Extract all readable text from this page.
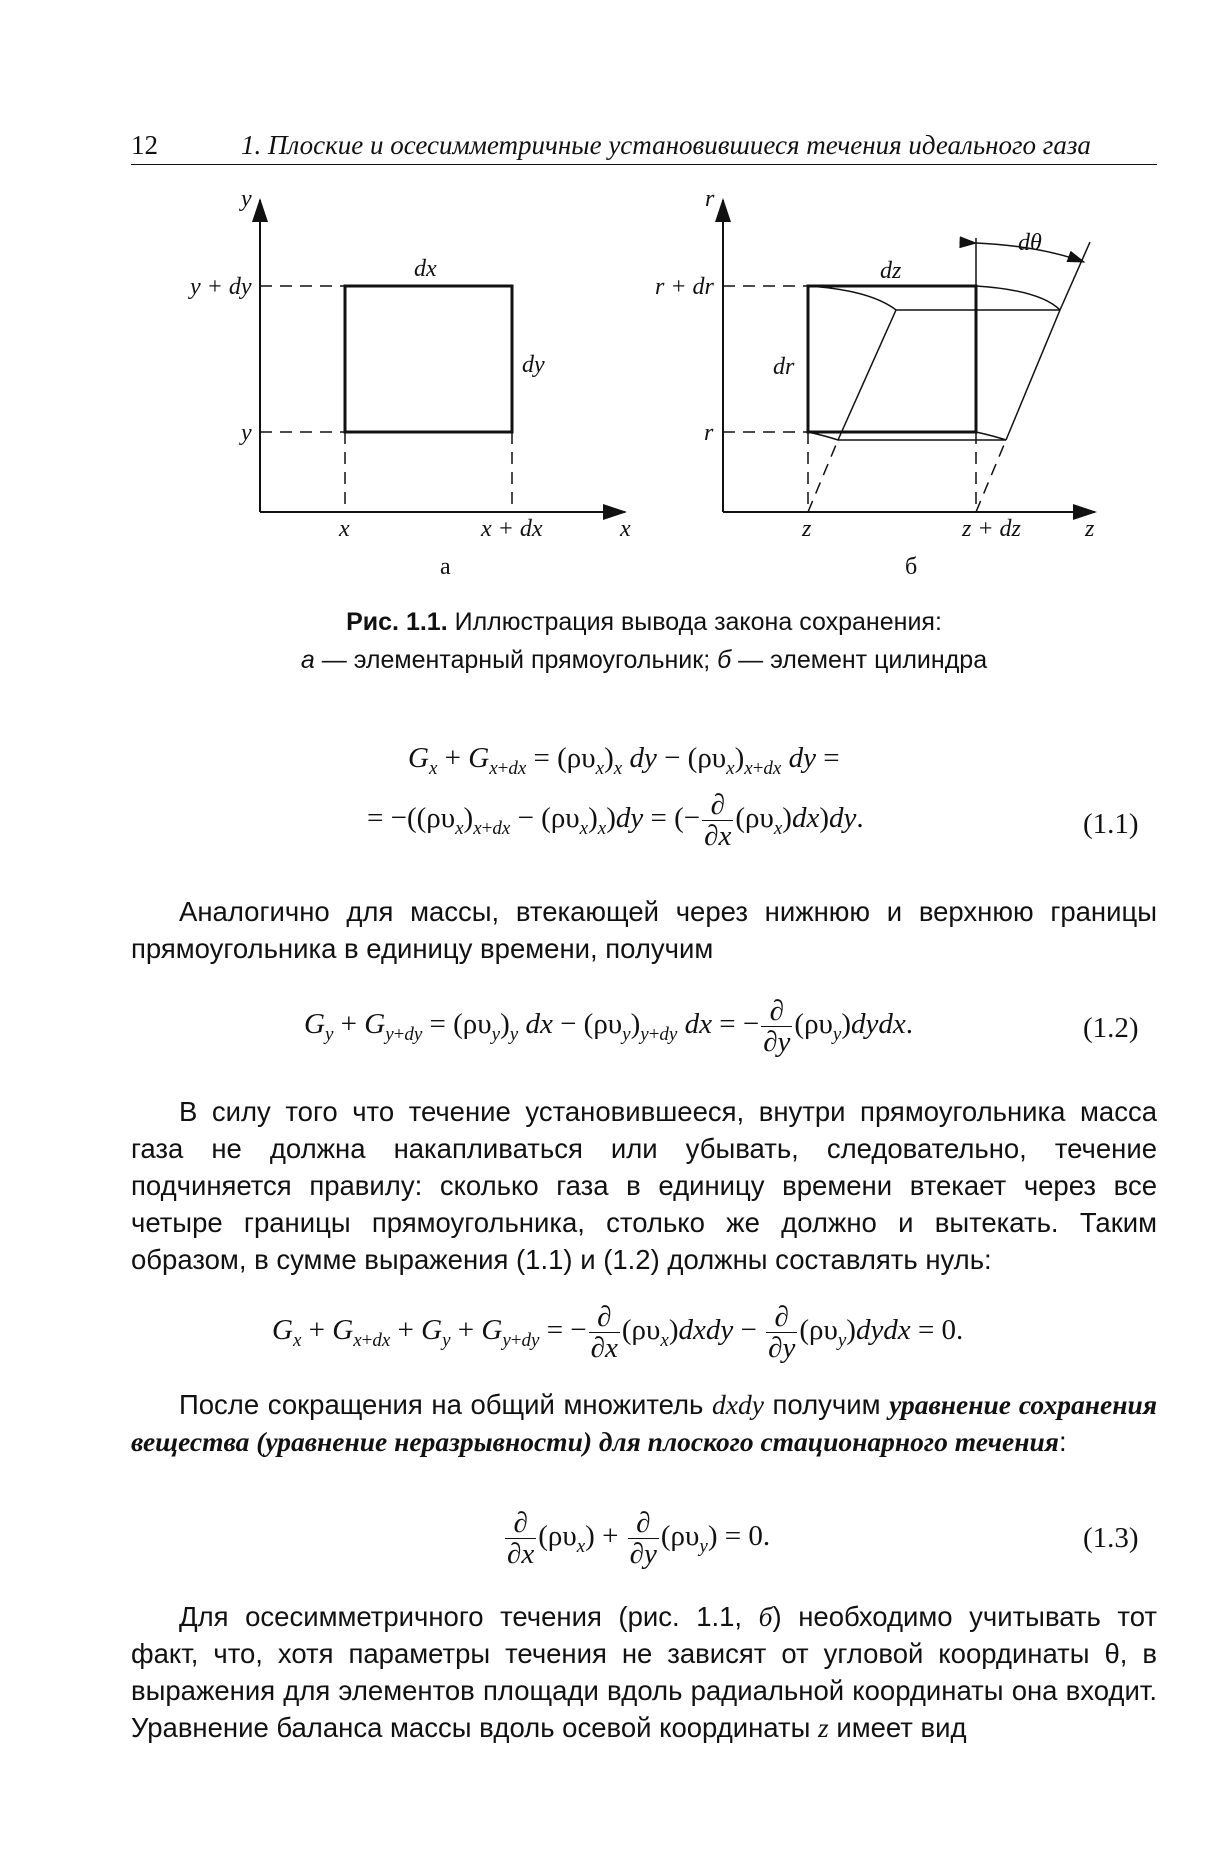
12	1. Плоские и осесимметричные установившиеся течения идеального газа
y
y + dy
y
dx
dy
x	x + dx	x
а
r
r + dr
r
dz
dr
dθ
z	z + dz	z
б
Рис. 1.1. Иллюстрация вывода закона сохранения:
а — элементарный прямоугольник; б — элемент цилиндра
$G_x + G_{x+dx} = (\rho\upsilon_x)_x$ dy − $(\rho\upsilon_x)_{x+dx}$ dy =
= $-((\rho\upsilon_x)_{x+dx} - (\rho\upsilon_x)_x)dy$ = (− $\frac{\partial}{\partial x} (\rho\upsilon_x)dx)dy$.	(1.1)
Аналогично для массы, втекающей через нижнюю и верхнюю границы прямоугольника в единицу времени, получим
$G_y + G_{y+dy} = (\rho\upsilon_y)_y$ dx − $(\rho\upsilon_y)_{y+dy}$ dx = − $\frac{\partial}{\partial y}$ $(\rho\upsilon_y)dydx$.	(1.2)
В силу того что течение установившееся, внутри прямоугольника масса газа не должна накапливаться или убывать, следовательно, течение подчиняется правилу: сколько газа в единицу времени втекает через все четыре границы прямоугольника, столько же должно и вытекать. Таким образом, в сумме выражения (1.1) и (1.2) должны составлять нуль:
$G_x + G_{x+dx} + G_y + G_{y+dy}$ = − $\frac{\partial}{\partial x}$ $(\rho\upsilon_x)dxdy - \frac{\partial}{\partial y}$ $(\rho\upsilon_y)dydx = 0$.
После сокращения на общий множитель dxdy получим уравнение сохранения вещества (уравнение неразрывности) для плоского стационарного течения:
$\frac{\partial}{\partial x} (\rho\upsilon_x) + \frac{\partial}{\partial y} (\rho\upsilon_y) = 0$.	(1.3)
Для осесимметричного течения (рис. 1.1, б) необходимо учитывать тот факт, что, хотя параметры течения не зависят от угловой координаты θ, в выражения для элементов площади вдоль радиальной координаты она входит. Уравнение баланса массы вдоль осевой координаты z имеет вид
